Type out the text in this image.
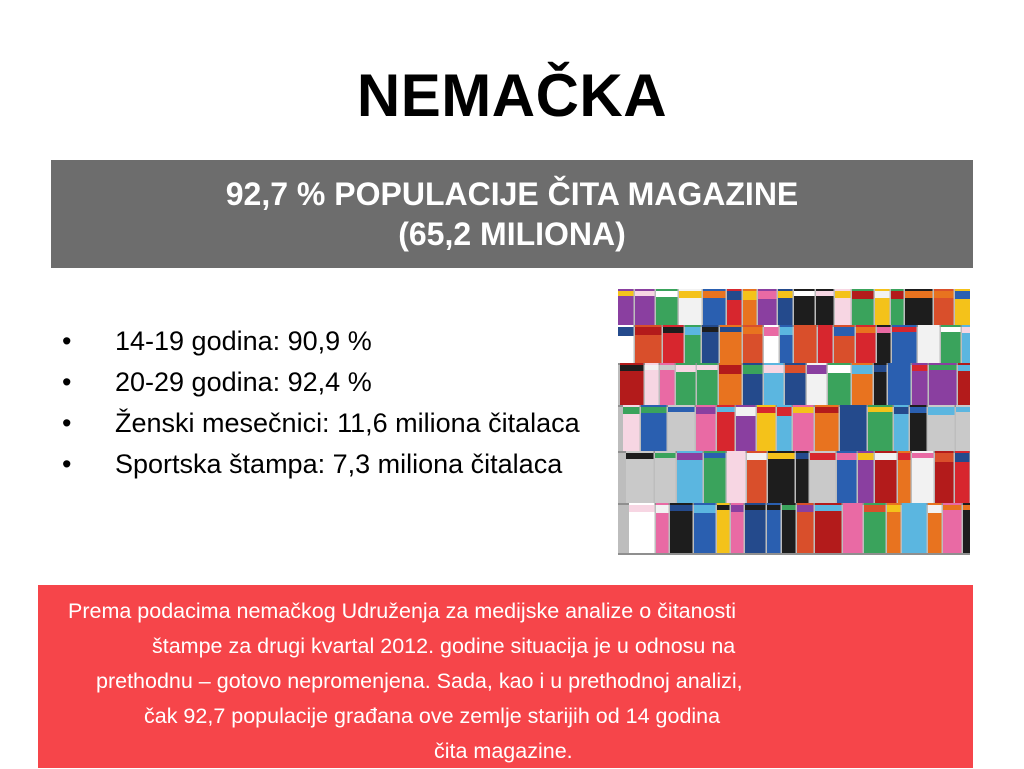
NEMAČKA
92,7 % POPULACIJE ČITA MAGAZINE
(65,2 MILIONA)
• 14-19 godina: 90,9 %
• 20-29 godina: 92,4 %
• Ženski mesečnici: 11,6 miliona čitalaca
• Sportska štampa: 7,3 miliona čitalaca
Prema podacima nemačkog Udruženja za medijske analize o čitanosti
štampe za drugi kvartal 2012. godine situacija je u odnosu na
prethodnu – gotovo nepromenjena. Sada, kao i u prethodnoj analizi,
čak 92,7 populacije građana ove zemlje starijih od 14 godina
čita magazine.
